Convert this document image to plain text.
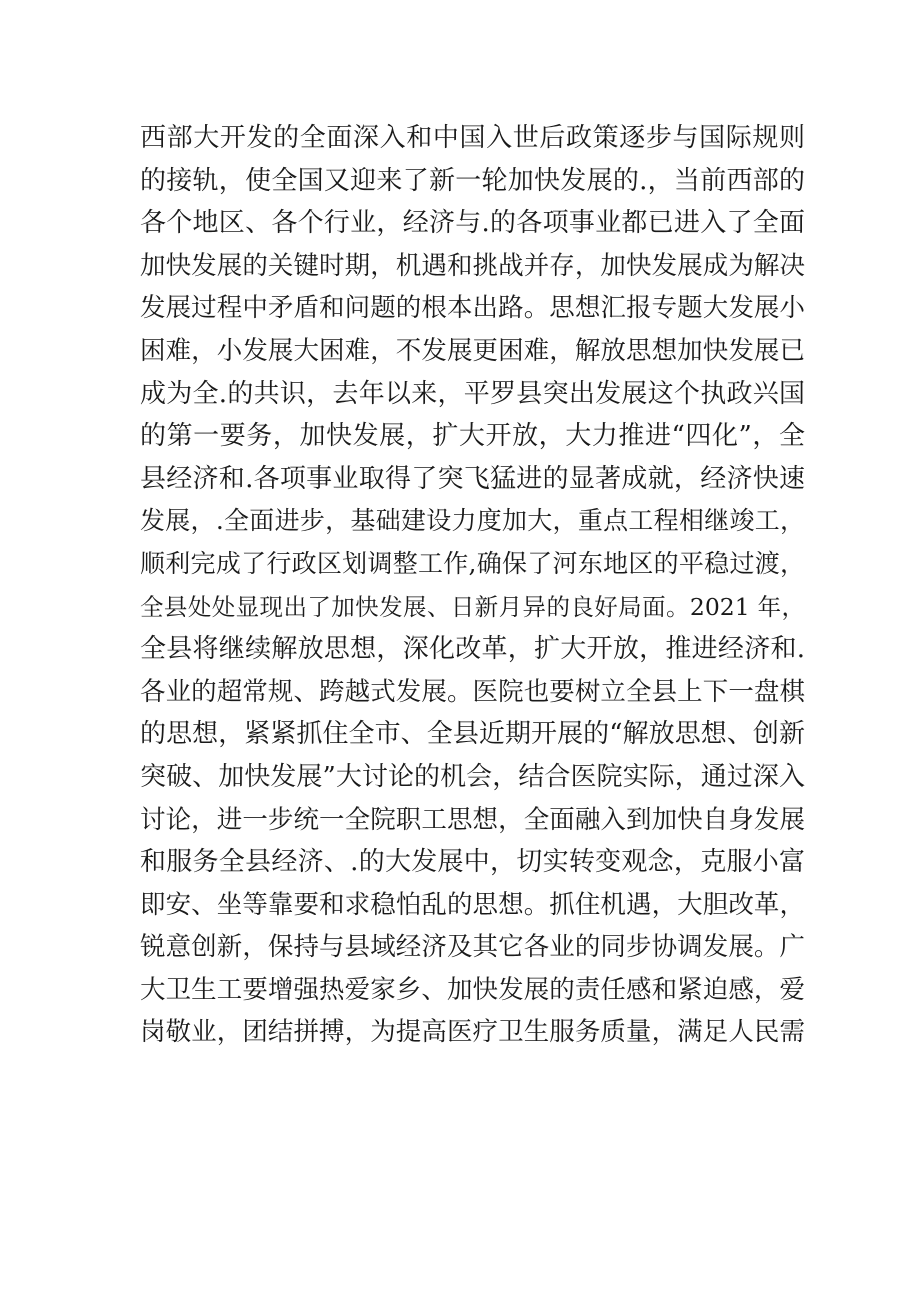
西部大开发的全面深入和中国入世后政策逐步与国际规则
的接轨，使全国又迎来了新一轮加快发展的.，当前西部的
各个地区、各个行业，经济与.的各项事业都已进入了全面
加快发展的关键时期，机遇和挑战并存，加快发展成为解决
发展过程中矛盾和问题的根本出路。思想汇报专题大发展小
困难，小发展大困难，不发展更困难，解放思想加快发展已
成为全.的共识，去年以来，平罗县突出发展这个执政兴国
的第一要务，加快发展，扩大开放，大力推进“四化”，全
县经济和.各项事业取得了突飞猛进的显著成就，经济快速
发展，.全面进步，基础建设力度加大，重点工程相继竣工，
顺利完成了行政区划调整工作,确保了河东地区的平稳过渡，
全县处处显现出了加快发展、日新月异的良好局面。2021 年，
全县将继续解放思想，深化改革，扩大开放，推进经济和.
各业的超常规、跨越式发展。医院也要树立全县上下一盘棋
的思想，紧紧抓住全市、全县近期开展的“解放思想、创新
突破、加快发展”大讨论的机会，结合医院实际，通过深入
讨论，进一步统一全院职工思想，全面融入到加快自身发展
和服务全县经济、.的大发展中，切实转变观念，克服小富
即安、坐等靠要和求稳怕乱的思想。抓住机遇，大胆改革，
锐意创新，保持与县域经济及其它各业的同步协调发展。广
大卫生工要增强热爱家乡、加快发展的责任感和紧迫感，爱
岗敬业，团结拼搏，为提高医疗卫生服务质量，满足人民需
